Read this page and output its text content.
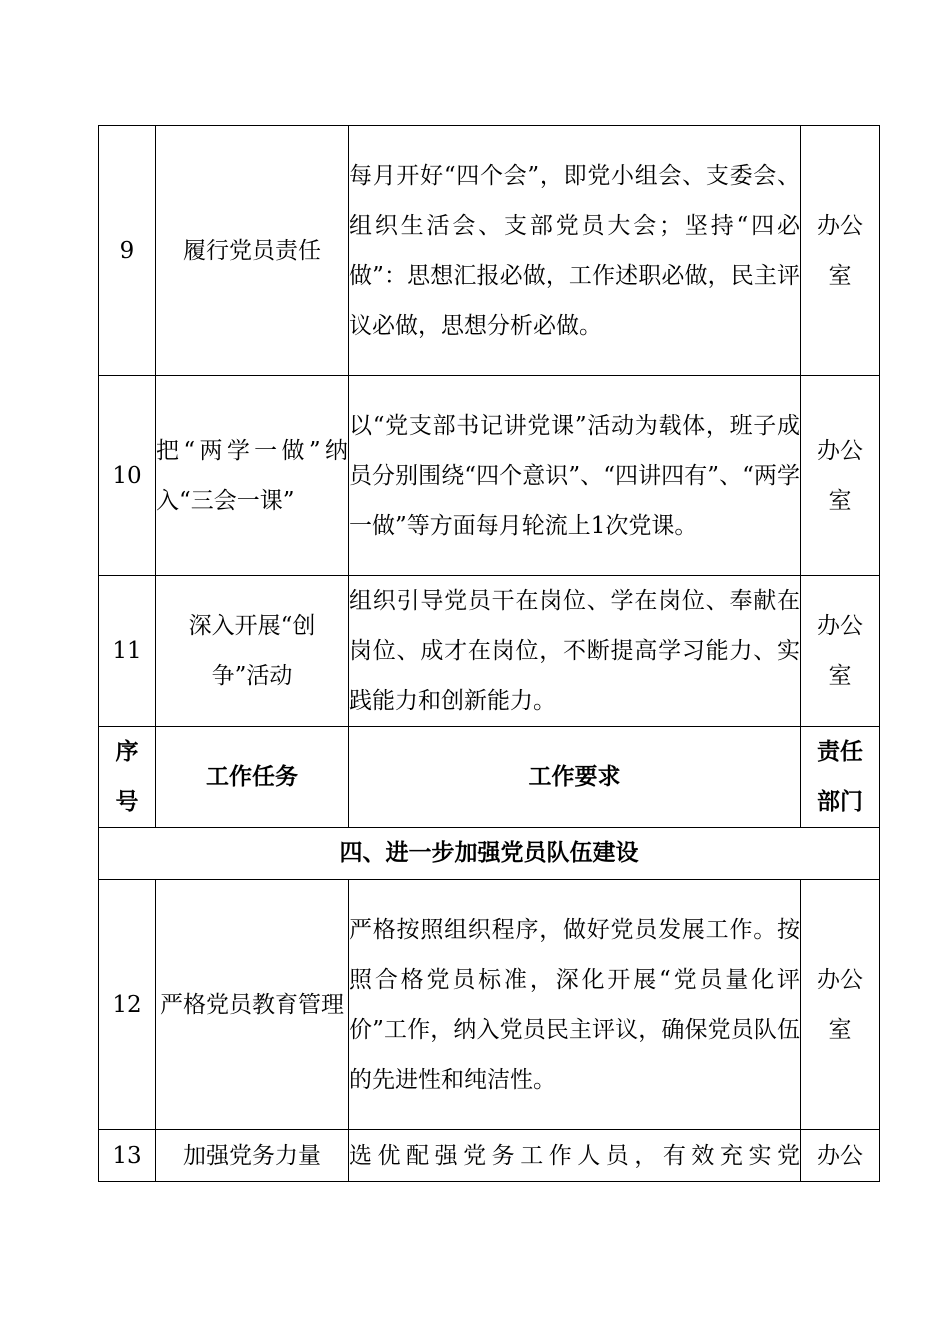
9	履行党员责任	每月开好“四个会”，即党小组会、支委会、组织生活会、支部党员大会；坚持“四必做”：思想汇报必做，工作述职必做，民主评议必做，思想分析必做。	办公室
10	把“两学一做”纳入“三会一课”	以“党支部书记讲党课”活动为载体，班子成员分别围绕“四个意识”、“四讲四有”、“两学一做”等方面每月轮流上1次党课。	办公室
11	深入开展“创争”活动	组织引导党员干在岗位、学在岗位、奉献在岗位、成才在岗位，不断提高学习能力、实践能力和创新能力。	办公室
序号	工作任务	工作要求	责任部门
四、进一步加强党员队伍建设			
12	严格党员教育管理	严格按照组织程序，做好党员发展工作。按照合格党员标准，深化开展“党员量化评价”工作，纳入党员民主评议，确保党员队伍的先进性和纯洁性。	办公室
13	加强党务力量	选优配强党务工作人员，有效充实党	办公
